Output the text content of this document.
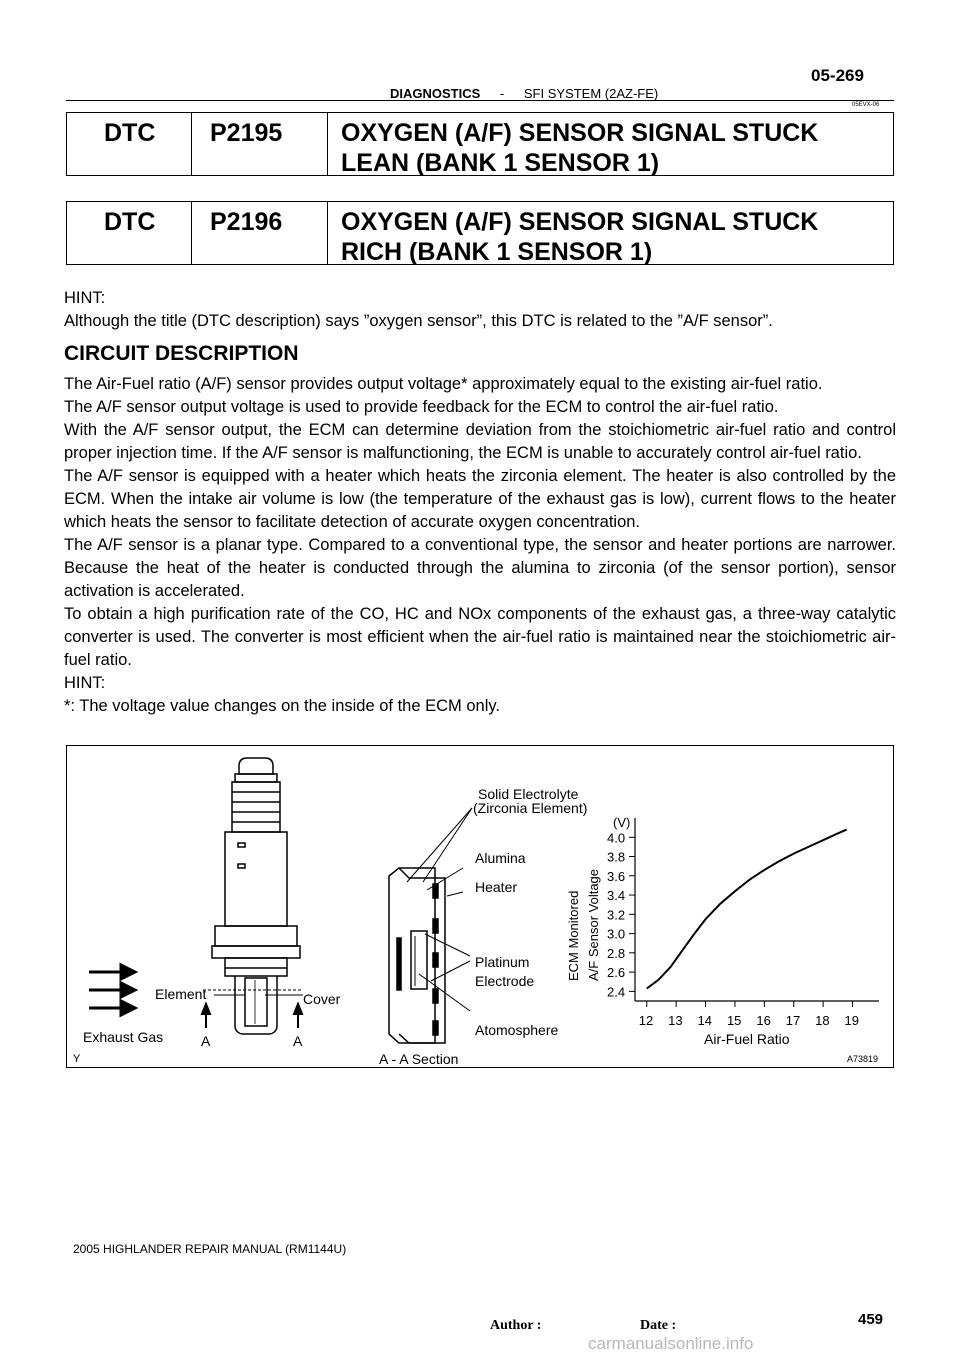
05-269
DIAGNOSTICS - SFI SYSTEM (2AZ-FE)
05EVX-06
DTC	P2195	OXYGEN (A/F) SENSOR SIGNAL STUCK
LEAN (BANK 1 SENSOR 1)
DTC	P2196	OXYGEN (A/F) SENSOR SIGNAL STUCK
RICH (BANK 1 SENSOR 1)

HINT:

Although the title (DTC description) says ”oxygen sensor”, this DTC is related to the ”A/F sensor”.

CIRCUIT DESCRIPTION

The Air-Fuel ratio (A/F) sensor provides output voltage* approximately equal to the existing air-fuel ratio.

The A/F sensor output voltage is used to provide feedback for the ECM to control the air-fuel ratio.

With the A/F sensor output, the ECM can determine deviation from the stoichiometric air-fuel ratio and control proper injection time. If the A/F sensor is malfunctioning, the ECM is unable to accurately control air-fuel ratio.

The A/F sensor is equipped with a heater which heats the zirconia element. The heater is also controlled by the ECM. When the intake air volume is low (the temperature of the exhaust gas is low), current flows to the heater which heats the sensor to facilitate detection of accurate oxygen concentration.

The A/F sensor is a planar type. Compared to a conventional type, the sensor and heater portions are narrower. Because the heat of the heater is conducted through the alumina to zirconia (of the sensor portion), sensor activation is accelerated.

To obtain a high purification rate of the CO, HC and NOx components of the exhaust gas, a three-way catalytic converter is used. The converter is most efficient when the air-fuel ratio is maintained near the stoichiometric air-fuel ratio.

HINT:

*: The voltage value changes on the inside of the ECM only.

Element	Cover
Exhaust Gas	A	A
Solid Electrolyte
(Zirconia Element)
Alumina
Heater
Platinum
Electrode
Atomosphere
A - A Section
2.4
2.6
2.8
3.0
3.2
3.4
3.6
3.8
4.0
12 13 14 15 16 17 18 19
(V)
ECM Monitored A/F Sensor Voltage
Air-Fuel Ratio
Y	A73819
2005 HIGHLANDER REPAIR MANUAL (RM1144U)
459
Author :	Date :
carmanualsonline.info
